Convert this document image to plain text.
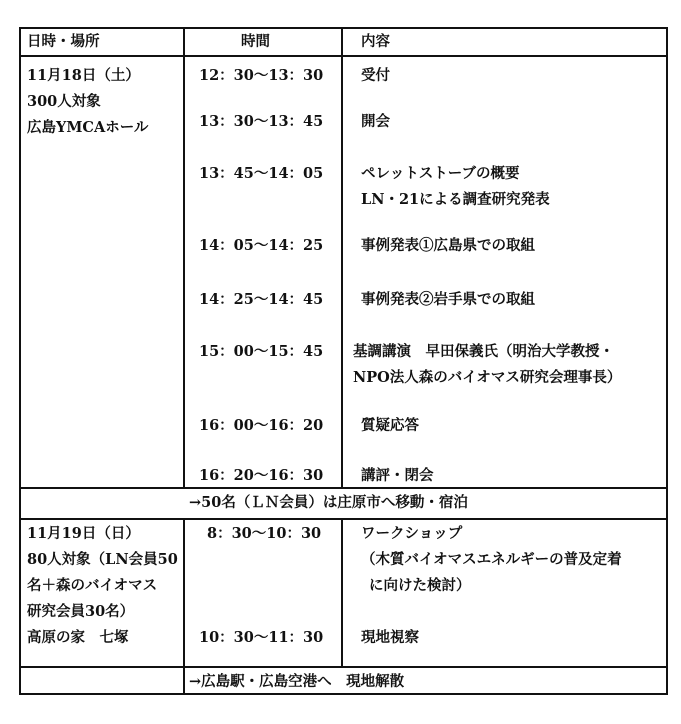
日時・場所	時間	内容
11月18日（土）
300人対象
広島YMCAホール
12：30〜13：30	受付
13：30〜13：45	開会
13：45〜14：05	ペレットストーブの概要
LN・21による調査研究発表
14：05〜14：25	事例発表①広島県での取組
14：25〜14：45	事例発表②岩手県での取組
15：00〜15：45 基調講演　早田保義氏（明治大学教授・
NPO法人森のバイオマス研究会理事長）
16：00〜16：20	質疑応答
16：20〜16：30	講評・閉会
→50名（ＬＮ会員）は庄原市へ移動・宿泊
11月19日（日）
80人対象（LN会員50
名＋森のバイオマス
研究会員30名）
高原の家　七塚
8：30〜10：30	ワークショップ
（木質バイオマスエネルギーの普及定着
に向けた検討）
10：30〜11：30	現地視察
→広島駅・広島空港へ　現地解散
